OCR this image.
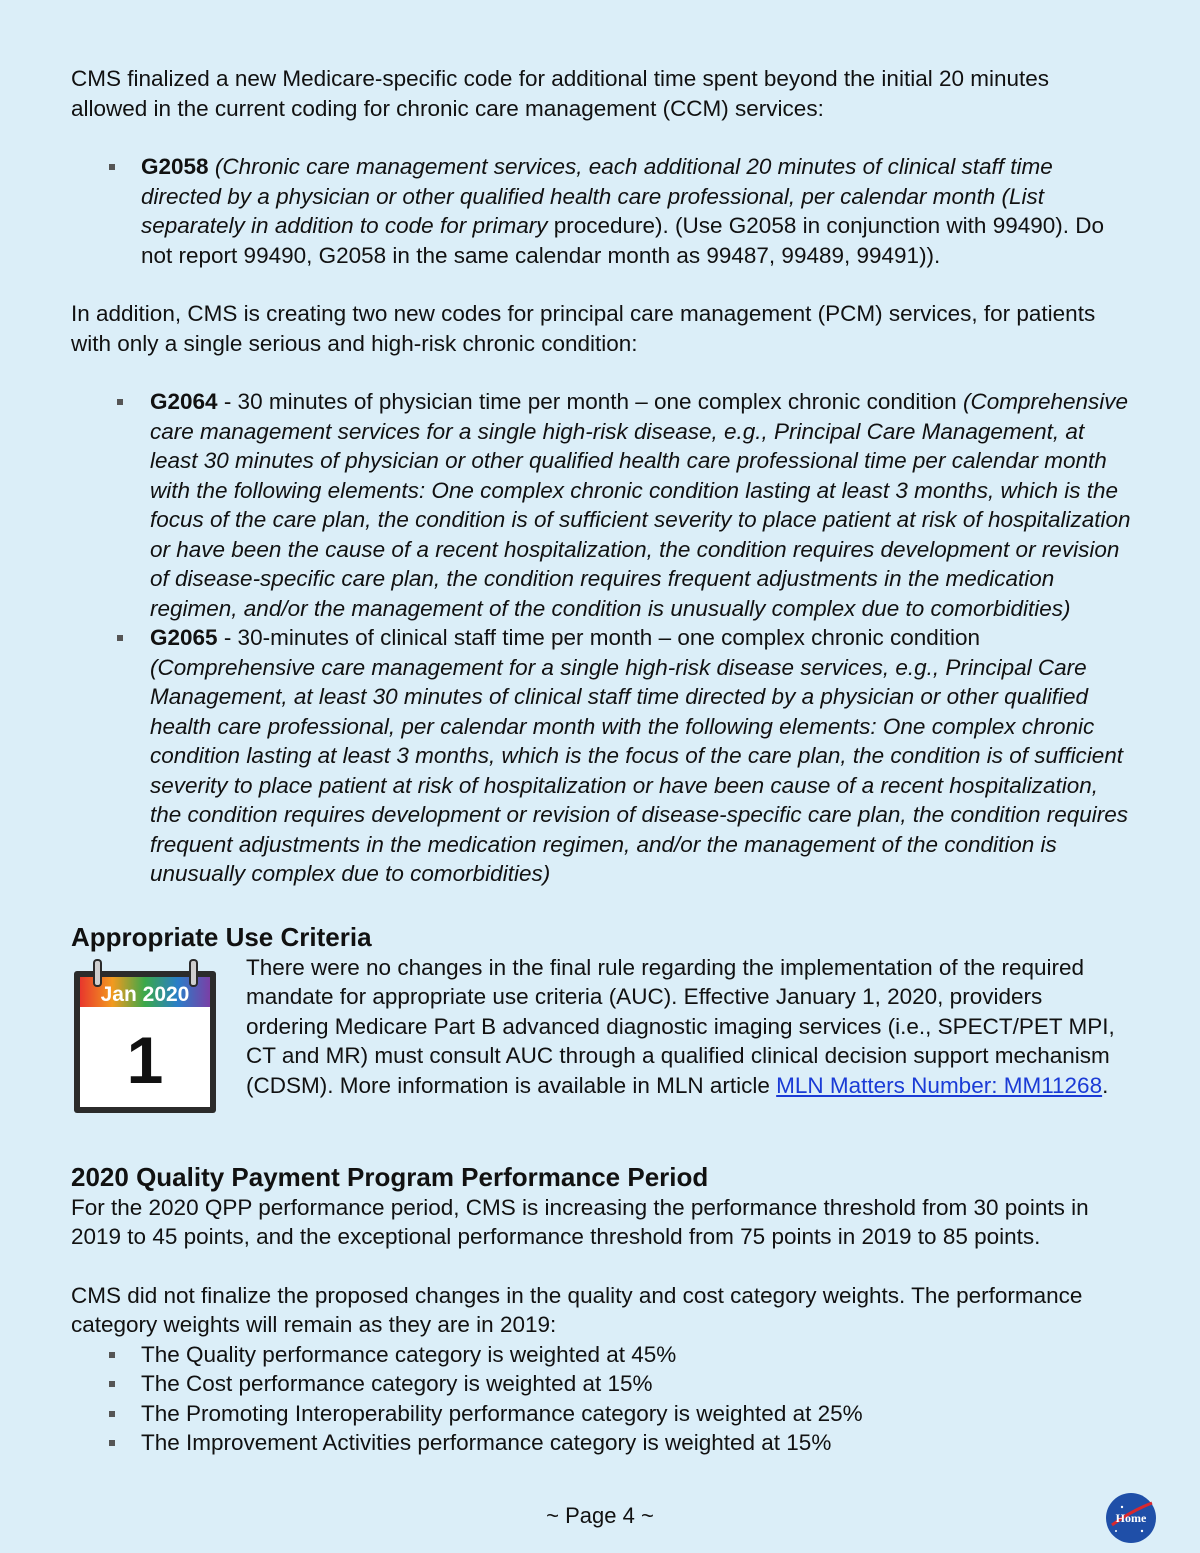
CMS finalized a new Medicare-specific code for additional time spent beyond the initial 20 minutes allowed in the current coding for chronic care management (CCM) services:

G2058 (Chronic care management services, each additional 20 minutes of clinical staff time directed by a physician or other qualified health care professional, per calendar month (List separately in addition to code for primary procedure). (Use G2058 in conjunction with 99490). Do not report 99490, G2058 in the same calendar month as 99487, 99489, 99491)).

In addition, CMS is creating two new codes for principal care management (PCM) services, for patients with only a single serious and high-risk chronic condition:

G2064 - 30 minutes of physician time per month – one complex chronic condition (Comprehensive care management services for a single high-risk disease, e.g., Principal Care Management, at least 30 minutes of physician or other qualified health care professional time per calendar month with the following elements: One complex chronic condition lasting at least 3 months, which is the focus of the care plan, the condition is of sufficient severity to place patient at risk of hospitalization or have been the cause of a recent hospitalization, the condition requires development or revision of disease-specific care plan, the condition requires frequent adjustments in the medication regimen, and/or the management of the condition is unusually complex due to comorbidities)
G2065 - 30-minutes of clinical staff time per month – one complex chronic condition (Comprehensive care management for a single high-risk disease services, e.g., Principal Care Management, at least 30 minutes of clinical staff time directed by a physician or other qualified health care professional, per calendar month with the following elements: One complex chronic condition lasting at least 3 months, which is the focus of the care plan, the condition is of sufficient severity to place patient at risk of hospitalization or have been cause of a recent hospitalization, the condition requires development or revision of disease-specific care plan, the condition requires frequent adjustments in the medication regimen, and/or the management of the condition is unusually complex due to comorbidities)
Appropriate Use Criteria
Jan 2020
1

There were no changes in the final rule regarding the implementation of the required mandate for appropriate use criteria (AUC). Effective January 1, 2020, providers ordering Medicare Part B advanced diagnostic imaging services (i.e., SPECT/PET MPI, CT and MR) must consult AUC through a qualified clinical decision support mechanism (CDSM). More information is available in MLN article MLN Matters Number: MM11268.

2020 Quality Payment Program Performance Period

For the 2020 QPP performance period, CMS is increasing the performance threshold from 30 points in 2019 to 45 points, and the exceptional performance threshold from 75 points in 2019 to 85 points.

CMS did not finalize the proposed changes in the quality and cost category weights. The performance category weights will remain as they are in 2019:

The Quality performance category is weighted at 45%
The Cost performance category is weighted at 15%
The Promoting Interoperability performance category is weighted at 25%
The Improvement Activities performance category is weighted at 15%
~ Page 4 ~	Home
